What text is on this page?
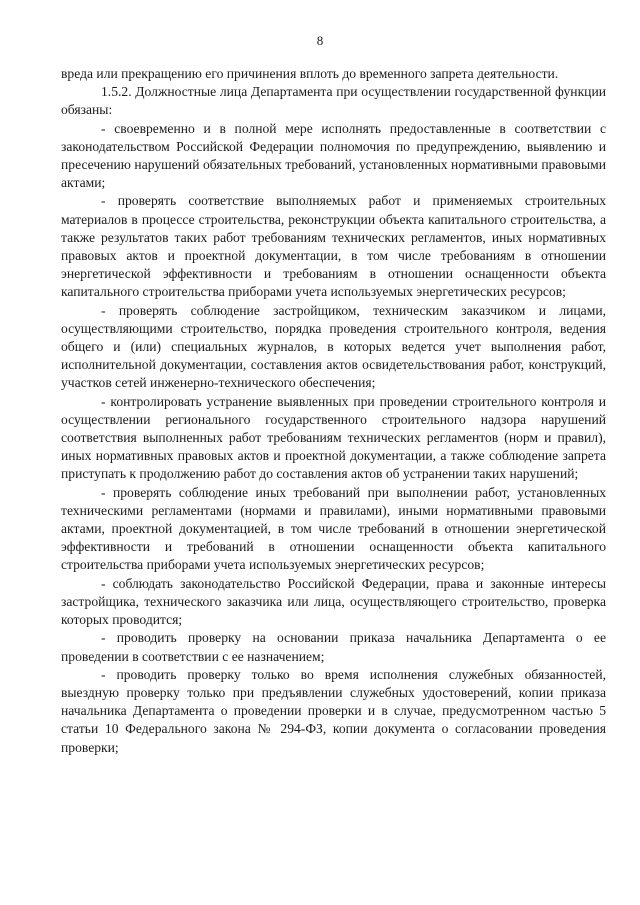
8

вреда или прекращению его причинения вплоть до временного запрета деятельности.

1.5.2. Должностные лица Департамента при осуществлении государственной функции обязаны:

- своевременно и в полной мере исполнять предоставленные в соответствии с законодательством Российской Федерации полномочия по предупреждению, выявлению и пресечению нарушений обязательных требований, установленных нормативными правовыми актами;

- проверять соответствие выполняемых работ и применяемых строительных материалов в процессе строительства, реконструкции объекта капитального строительства, а также результатов таких работ требованиям технических регламентов, иных нормативных правовых актов и проектной документации, в том числе требованиям в отношении энергетической эффективности и требованиям в отношении оснащенности объекта капитального строительства приборами учета используемых энергетических ресурсов;

- проверять соблюдение застройщиком, техническим заказчиком и лицами, осуществляющими строительство, порядка проведения строительного контроля, ведения общего и (или) специальных журналов, в которых ведется учет выполнения работ, исполнительной документации, составления актов освидетельствования работ, конструкций, участков сетей инженерно-технического обеспечения;

- контролировать устранение выявленных при проведении строительного контроля и осуществлении регионального государственного строительного надзора нарушений соответствия выполненных работ требованиям технических регламентов (норм и правил), иных нормативных правовых актов и проектной документации, а также соблюдение запрета приступать к продолжению работ до составления актов об устранении таких нарушений;

- проверять соблюдение иных требований при выполнении работ, установленных техническими регламентами (нормами и правилами), иными нормативными правовыми актами, проектной документацией, в том числе требований в отношении энергетической эффективности и требований в отношении оснащенности объекта капитального строительства приборами учета используемых энергетических ресурсов;

- соблюдать законодательство Российской Федерации, права и законные интересы застройщика, технического заказчика или лица, осуществляющего строительство, проверка которых проводится;

- проводить проверку на основании приказа начальника Департамента о ее проведении в соответствии с ее назначением;

- проводить проверку только во время исполнения служебных обязанностей, выездную проверку только при предъявлении служебных удостоверений, копии приказа начальника Департамента о проведении проверки и в случае, предусмотренном частью 5 статьи 10 Федерального закона № 294-ФЗ, копии документа о согласовании проведения проверки;
